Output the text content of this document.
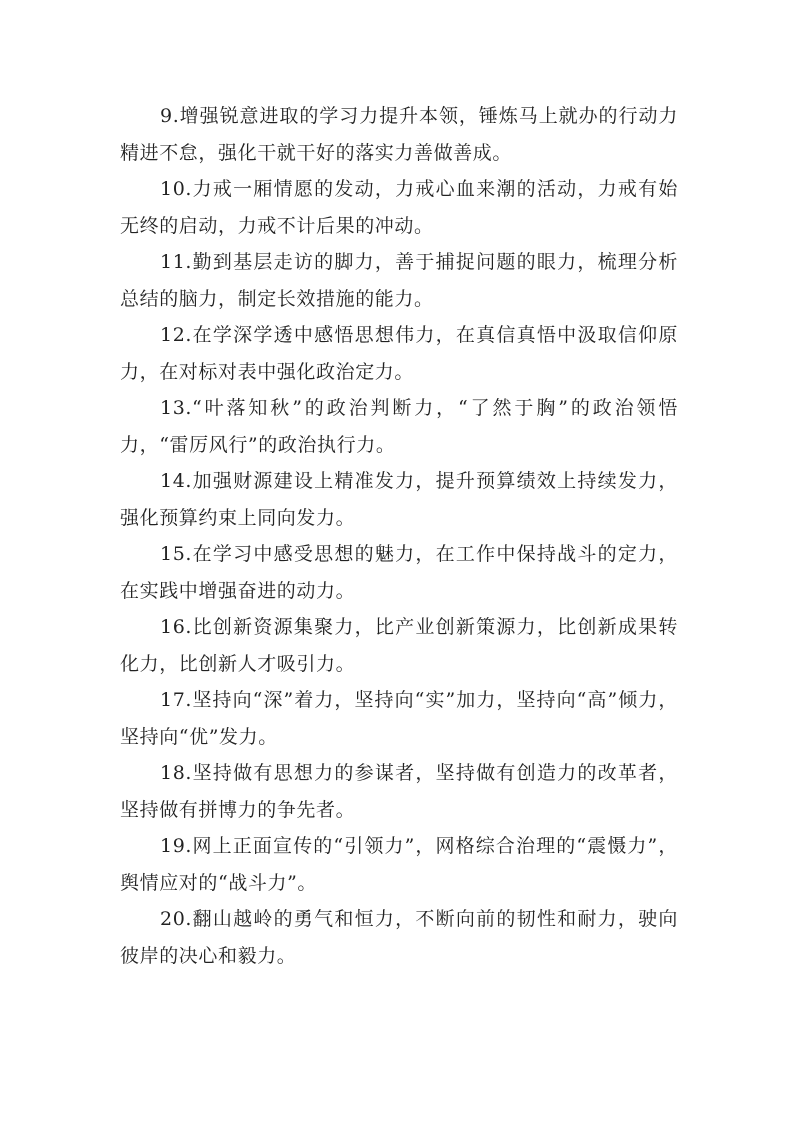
9.增强锐意进取的学习力提升本领，锤炼马上就办的行动力精进不怠，强化干就干好的落实力善做善成。

10.力戒一厢情愿的发动，力戒心血来潮的活动，力戒有始无终的启动，力戒不计后果的冲动。

11.勤到基层走访的脚力，善于捕捉问题的眼力，梳理分析总结的脑力，制定长效措施的能力。

12.在学深学透中感悟思想伟力，在真信真悟中汲取信仰原力，在对标对表中强化政治定力。

13.“叶落知秋”的政治判断力，“了然于胸”的政治领悟力，“雷厉风行”的政治执行力。

14.加强财源建设上精准发力，提升预算绩效上持续发力，强化预算约束上同向发力。

15.在学习中感受思想的魅力，在工作中保持战斗的定力，在实践中增强奋进的动力。

16.比创新资源集聚力，比产业创新策源力，比创新成果转化力，比创新人才吸引力。

17.坚持向“深”着力，坚持向“实”加力，坚持向“高”倾力，坚持向“优”发力。

18.坚持做有思想力的参谋者，坚持做有创造力的改革者，坚持做有拼博力的争先者。

19.网上正面宣传的“引领力”，网格综合治理的“震慑力”，舆情应对的“战斗力”。

20.翻山越岭的勇气和恒力，不断向前的韧性和耐力，驶向彼岸的决心和毅力。
